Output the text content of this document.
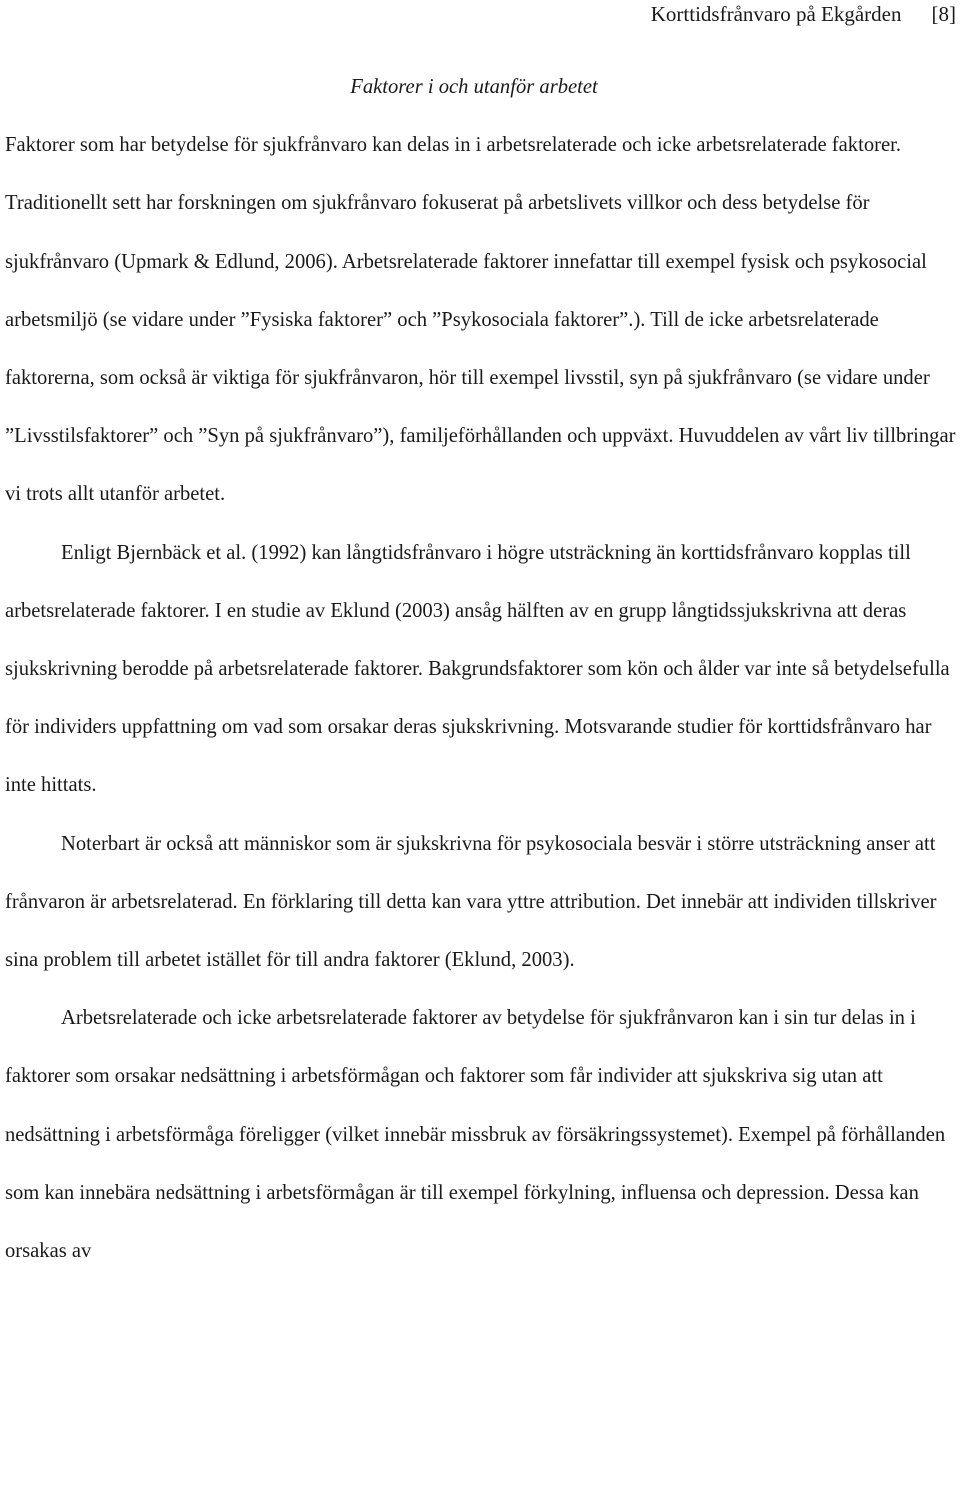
Korttidsfrånvaro på Ekgården [8]
Faktorer i och utanför arbetet

Faktorer som har betydelse för sjukfrånvaro kan delas in i arbetsrelaterade och icke arbetsrelaterade faktorer. Traditionellt sett har forskningen om sjukfrånvaro fokuserat på arbetslivets villkor och dess betydelse för sjukfrånvaro (Upmark & Edlund, 2006). Arbetsrelaterade faktorer innefattar till exempel fysisk och psykosocial arbetsmiljö (se vidare under ”Fysiska faktorer” och ”Psykosociala faktorer”.). Till de icke arbetsrelaterade faktorerna, som också är viktiga för sjukfrånvaron, hör till exempel livsstil, syn på sjukfrånvaro (se vidare under ”Livsstilsfaktorer” och ”Syn på sjukfrånvaro”), familjeförhållanden och uppväxt. Huvuddelen av vårt liv tillbringar vi trots allt utanför arbetet.

Enligt Bjernbäck et al. (1992) kan långtidsfrånvaro i högre utsträckning än korttidsfrånvaro kopplas till arbetsrelaterade faktorer. I en studie av Eklund (2003) ansåg hälften av en grupp långtidssjukskrivna att deras sjukskrivning berodde på arbetsrelaterade faktorer. Bakgrundsfaktorer som kön och ålder var inte så betydelsefulla för individers uppfattning om vad som orsakar deras sjukskrivning. Motsvarande studier för korttidsfrånvaro har inte hittats.

Noterbart är också att människor som är sjukskrivna för psykosociala besvär i större utsträckning anser att frånvaron är arbetsrelaterad. En förklaring till detta kan vara yttre attribution. Det innebär att individen tillskriver sina problem till arbetet istället för till andra faktorer (Eklund, 2003).

Arbetsrelaterade och icke arbetsrelaterade faktorer av betydelse för sjukfrånvaron kan i sin tur delas in i faktorer som orsakar nedsättning i arbetsförmågan och faktorer som får individer att sjukskriva sig utan att nedsättning i arbetsförmåga föreligger (vilket innebär missbruk av försäkringssystemet). Exempel på förhållanden som kan innebära nedsättning i arbetsförmågan är till exempel förkylning, influensa och depression. Dessa kan orsakas av
